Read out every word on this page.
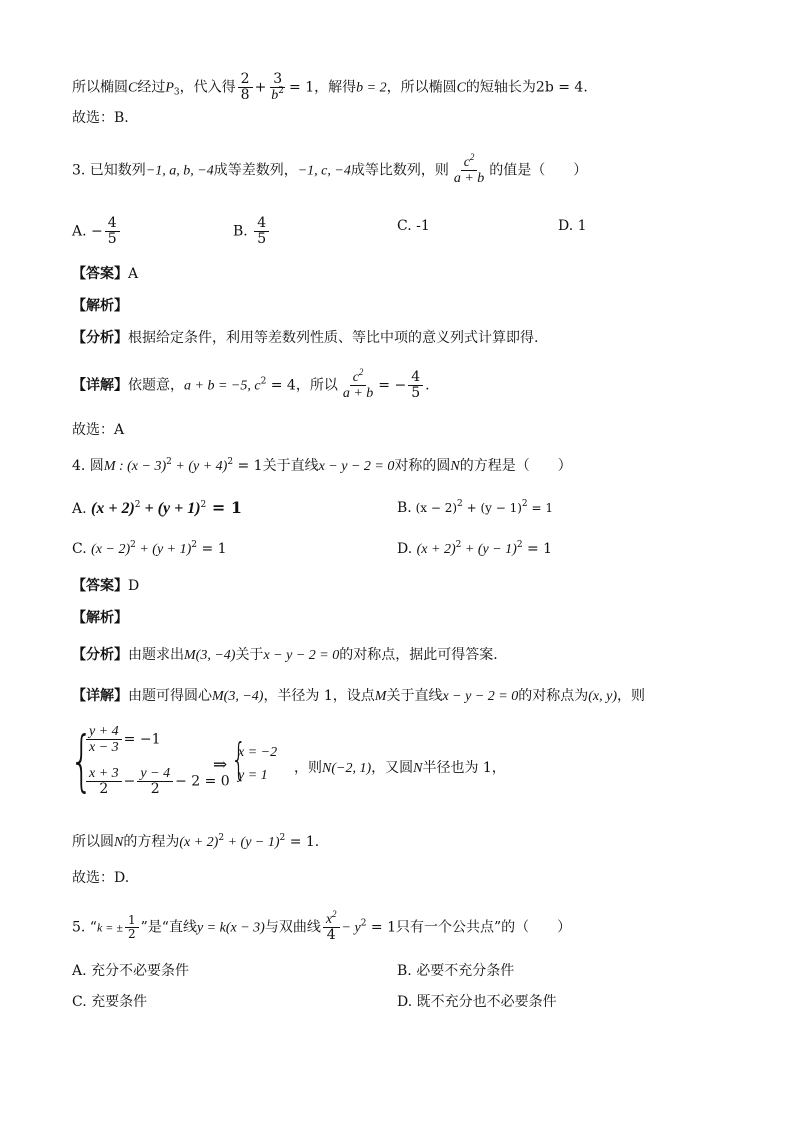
所以椭圆C经过$P_3$，代入得 $\frac{2}{8} + \frac{3}{b^2} = 1$，解得b = 2，所以椭圆C的短轴长为2b = 4.
故选：B.
3. 已知数列−1, a, b, −4成等差数列，−1, c, −4成等比数列，则 $\frac{c^2}{a + b}$ 的值是（　　）
A. − $\frac{4}{5}$	B. $\frac{4}{5}$	C. -1	D. 1
【答案】A
【解析】
【分析】根据给定条件，利用等差数列性质、等比中项的意义列式计算即得.
【详解】依题意，a + b = −5, $c^2 = 4$，所以 $\frac{c^2}{a + b}$ = − $\frac{4}{5}$ .
故选：A
4. 圆M : $(x - 3)^2 + (y + 4)^2 = 1$关于直线x − y − 2 = 0对称的圆N的方程是（　　）
A. $(x + 2)^2 + (y + 1)^2 = 1$	B. $(x - 2)^2 + (y - 1)^2 = 1$
C. $(x - 2)^2 + (y + 1)^2 = 1$	D. $(x + 2)^2 + (y - 1)^2 = 1$
【答案】D
【解析】
【分析】由题求出M(3, −4)关于x − y − 2 = 0的对称点，据此可得答案.
【详解】由题可得圆心M(3, −4)，半径为 1，设点M关于直线x − y − 2 = 0的对称点为(x, y)，则
{
$\frac{y + 4}{x - 3} = -1$
$\frac{x + 3}{2} - \frac{y - 4}{2} - 2 = 0$
⇒ {
x = −2
y = 1 ，则N(−2, 1)，又圆N半径也为 1，
所以圆N的方程为$(x + 2)^2 + (y - 1)^2 = 1$.
故选：D.
5. “k = ± $\frac{1}{2}$ ”是“直线y = k(x − 3)与双曲线 $\frac{x^2}{4} - y^2 = 1$只有一个公共点”的（　　）
A. 充分不必要条件	B. 必要不充分条件
C. 充要条件	D. 既不充分也不必要条件
